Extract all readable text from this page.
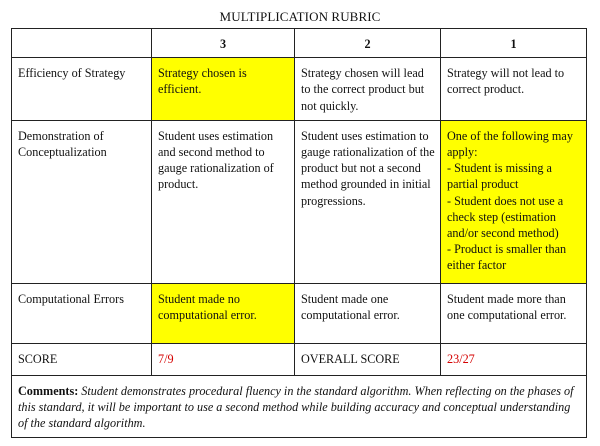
MULTIPLICATION RUBRIC
	3	2	1
Efficiency of Strategy	Strategy chosen is efficient.	Strategy chosen will lead to the correct product but not quickly.	Strategy will not lead to correct product.
Demonstration of Conceptualization	Student uses estimation and second method to gauge rationalization of product.	Student uses estimation to gauge rationalization of the product but not a second method grounded in initial progressions.	One of the following may apply:
- Student is missing a partial product
- Student does not use a check step (estimation and/or second method)
- Product is smaller than either factor

Computational Errors	Student made no computational error.	Student made one computational error.	Student made more than one computational error.
SCORE	7/9	OVERALL SCORE	23/27
Comments: Student demonstrates procedural fluency in the standard algorithm. When reflecting on the phases of this standard, it will be important to use a second method while building accuracy and conceptual understanding of the standard algorithm.			
